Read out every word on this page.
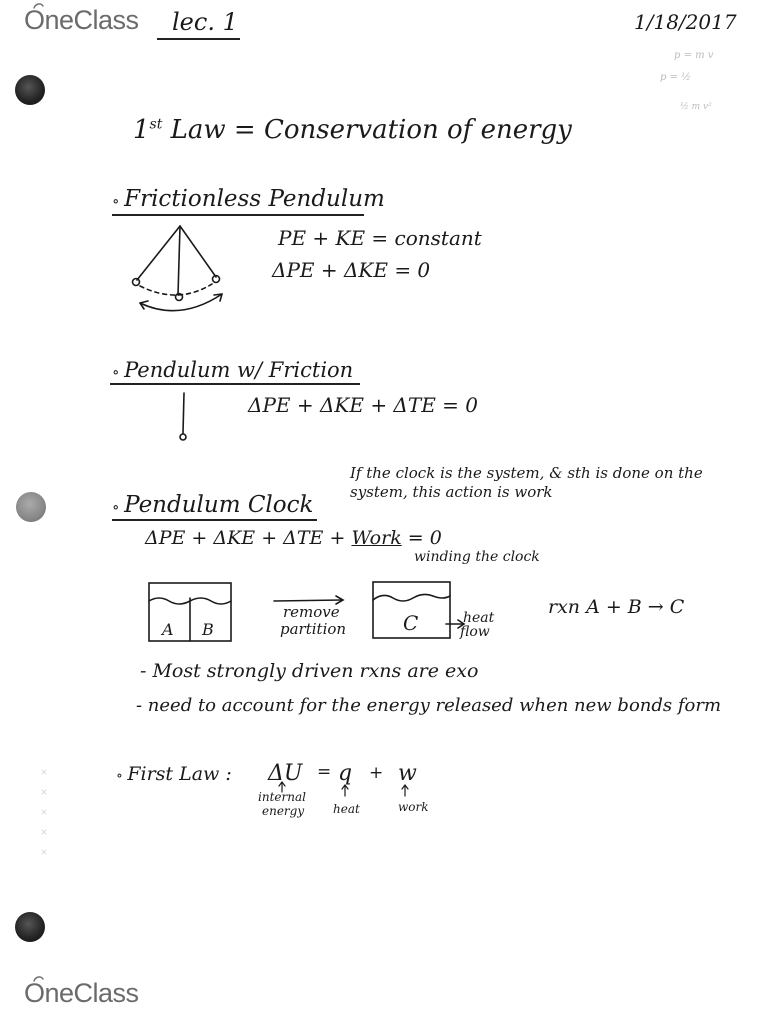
OneClass lec. 1	1/18/2017
p = m v
p = ½
½ m v²
1st Law = Conservation of energy
∘ Frictionless Pendulum
PE + KE = constant
ΔPE + ΔKE = 0
∘ Pendulum w/ Friction
ΔPE + ΔKE + ΔTE = 0
If the clock is the system, & sth is done on the
system, this action is work
∘ Pendulum Clock
ΔPE + ΔKE + ΔTE + Work = 0
winding the clock
A B
remove
partition	C	heat
flow
rxn A + B → C
- Most strongly driven rxns are exo
- need to account for the energy released when new bonds form
∘ First Law : ΔU = q + w
internal
energy heat	work
OneClass
